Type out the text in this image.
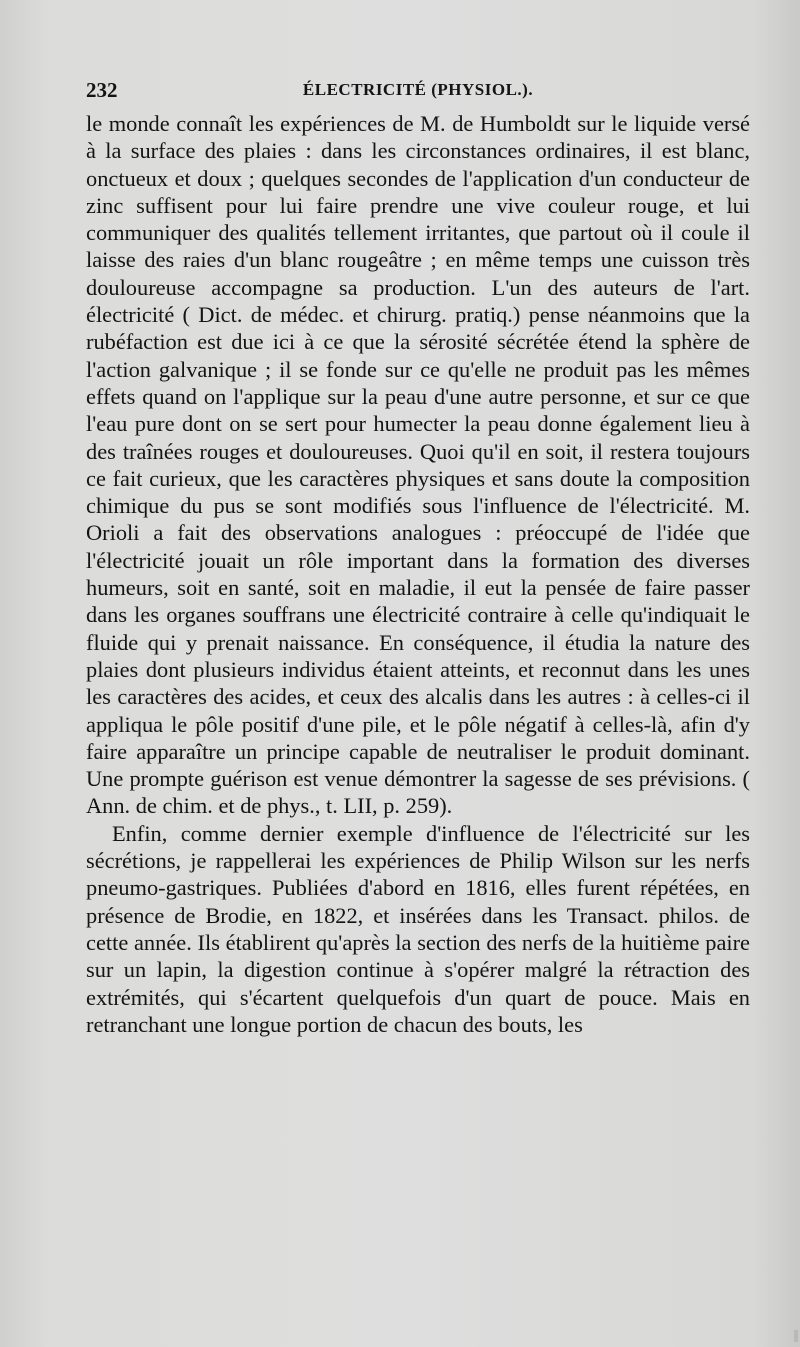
232	ÉLECTRICITÉ (PHYSIOL.).

le monde connaît les expériences de M. de Humboldt sur le liquide versé à la surface des plaies : dans les circonstances ordinaires, il est blanc, onctueux et doux ; quelques secondes de l'application d'un conducteur de zinc suffisent pour lui faire prendre une vive couleur rouge, et lui communiquer des qualités tellement irritantes, que partout où il coule il laisse des raies d'un blanc rougeâtre ; en même temps une cuisson très douloureuse accompagne sa production. L'un des auteurs de l'art. électricité ( Dict. de médec. et chirurg. pratiq.) pense néanmoins que la rubéfaction est due ici à ce que la sérosité sécrétée étend la sphère de l'action galvanique ; il se fonde sur ce qu'elle ne produit pas les mêmes effets quand on l'applique sur la peau d'une autre personne, et sur ce que l'eau pure dont on se sert pour humecter la peau donne également lieu à des traînées rouges et douloureuses. Quoi qu'il en soit, il restera toujours ce fait curieux, que les caractères physiques et sans doute la composition chimique du pus se sont modifiés sous l'influence de l'électricité. M. Orioli a fait des observations analogues : préoccupé de l'idée que l'électricité jouait un rôle important dans la formation des diverses humeurs, soit en santé, soit en maladie, il eut la pensée de faire passer dans les organes souffrans une électricité contraire à celle qu'indiquait le fluide qui y prenait naissance. En conséquence, il étudia la nature des plaies dont plusieurs individus étaient atteints, et reconnut dans les unes les caractères des acides, et ceux des alcalis dans les autres : à celles-ci il appliqua le pôle positif d'une pile, et le pôle négatif à celles-là, afin d'y faire apparaître un principe capable de neutraliser le produit dominant. Une prompte guérison est venue démontrer la sagesse de ses prévisions. ( Ann. de chim. et de phys., t. LII, p. 259).

Enfin, comme dernier exemple d'influence de l'électricité sur les sécrétions, je rappellerai les expériences de Philip Wilson sur les nerfs pneumo-gastriques. Publiées d'abord en 1816, elles furent répétées, en présence de Brodie, en 1822, et insérées dans les Transact. philos. de cette année. Ils établirent qu'après la section des nerfs de la huitième paire sur un lapin, la digestion continue à s'opérer malgré la rétraction des extrémités, qui s'écartent quelquefois d'un quart de pouce. Mais en retranchant une longue portion de chacun des bouts, les
